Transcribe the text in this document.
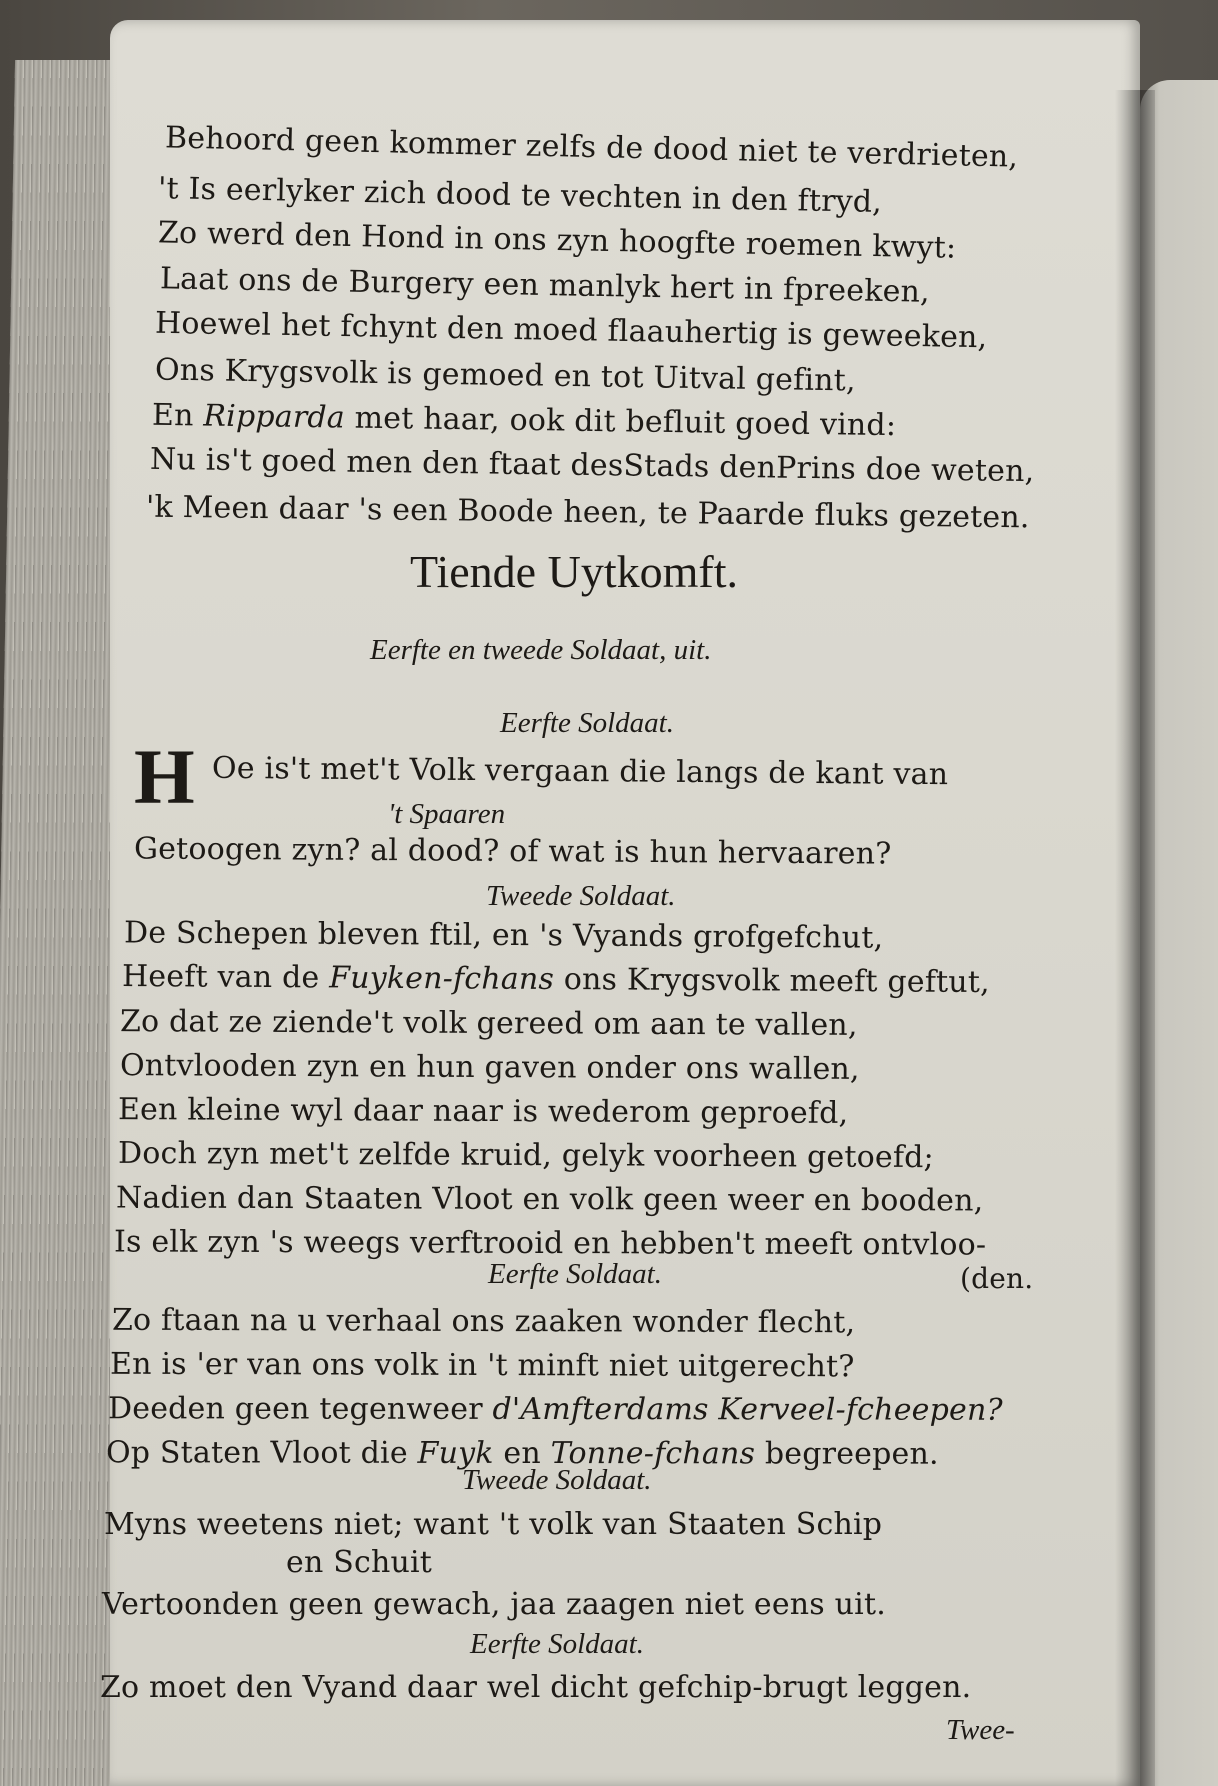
Behoord geen kommer zelfs de dood niet te verdrieten,
't Is eerlyker zich dood te vechten in den ftryd,
Zo werd den Hond in ons zyn hoogfte roemen kwyt:
Laat ons de Burgery een manlyk hert in fpreeken,
Hoewel het fchynt den moed flaauhertig is geweeken,
Ons Krygsvolk is gemoed en tot Uitval gefint,
En Ripparda met haar, ook dit befluit goed vind:
Nu is't goed men den ftaat desStads denPrins doe weten,
'k Meen daar 's een Boode heen, te Paarde fluks gezeten.
Tiende Uytkomft.
Eerfte en tweede Soldaat, uit.
Eerfte Soldaat.
H Oe is't met't Volk vergaan die langs de kant van
't Spaaren
Getoogen zyn? al dood? of wat is hun hervaaren?
Tweede Soldaat.
De Schepen bleven ftil, en 's Vyands grofgefchut,
Heeft van de Fuyken-fchans ons Krygsvolk meeft geftut,
Zo dat ze ziende't volk gereed om aan te vallen,
Ontvlooden zyn en hun gaven onder ons wallen,
Een kleine wyl daar naar is wederom geproefd,
Doch zyn met't zelfde kruid, gelyk voorheen getoefd;
Nadien dan Staaten Vloot en volk geen weer en booden,
Is elk zyn 's weegs verftrooid en hebben't meeft ontvloo-
Eerfte Soldaat.	(den.
Zo ftaan na u verhaal ons zaaken wonder flecht,
En is 'er van ons volk in 't minft niet uitgerecht?
Deeden geen tegenweer d'Amfterdams Kerveel-fcheepen?
Op Staten Vloot die Fuyk en Tonne-fchans begreepen.
Tweede Soldaat.
Myns weetens niet; want 't volk van Staaten Schip
en Schuit
Vertoonden geen gewach, jaa zaagen niet eens uit.
Eerfte Soldaat.
Zo moet den Vyand daar wel dicht gefchip-brugt leggen.
Twee-
